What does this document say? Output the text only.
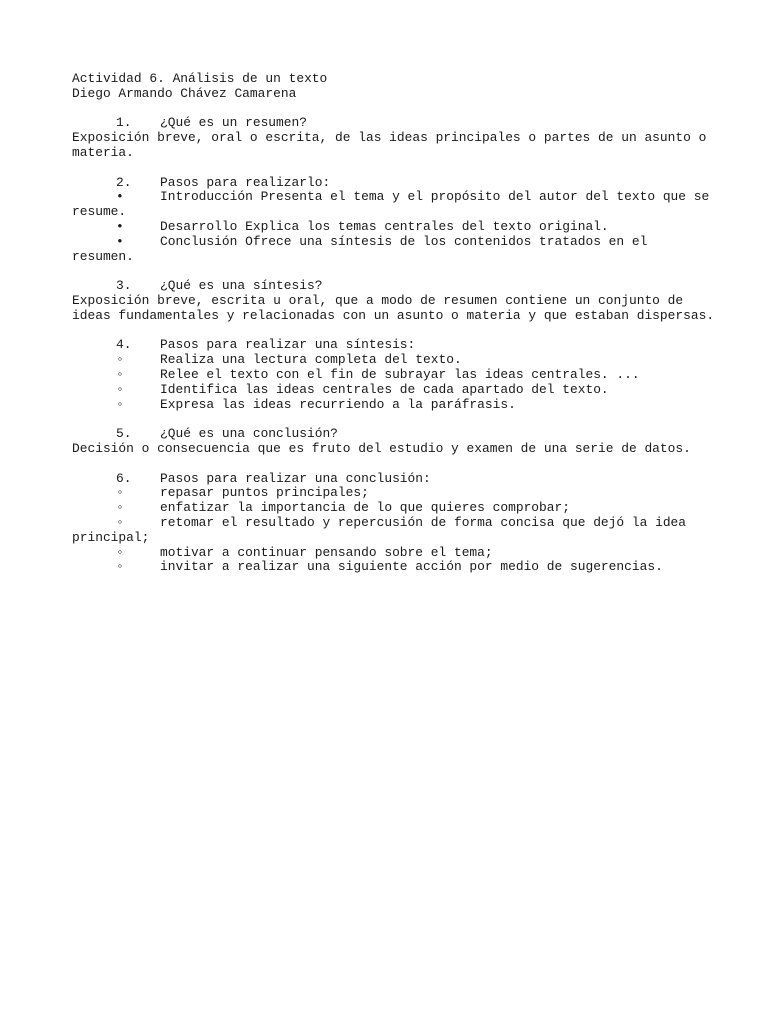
Actividad 6. Análisis de un texto
Diego Armando Chávez Camarena
1. ¿Qué es un resumen?
Exposición breve, oral o escrita, de las ideas principales o partes de un asunto o
materia.
2. Pasos para realizarlo:
•	Introducción Presenta el tema y el propósito del autor del texto que se
resume.
•	Desarrollo Explica los temas centrales del texto original.
•	Conclusión Ofrece una síntesis de los contenidos tratados en el
resumen.
3. ¿Qué es una síntesis?
Exposición breve, escrita u oral, que a modo de resumen contiene un conjunto de
ideas fundamentales y relacionadas con un asunto o materia y que estaban dispersas.
4. Pasos para realizar una síntesis:
◦	Realiza una lectura completa del texto.
◦	Relee el texto con el fin de subrayar las ideas centrales. ...
◦	Identifica las ideas centrales de cada apartado del texto.
◦	Expresa las ideas recurriendo a la paráfrasis.
5. ¿Qué es una conclusión?
Decisión o consecuencia que es fruto del estudio y examen de una serie de datos.
6. Pasos para realizar una conclusión:
◦	repasar puntos principales;
◦	enfatizar la importancia de lo que quieres comprobar;
◦	retomar el resultado y repercusión de forma concisa que dejó la idea
principal;
◦	motivar a continuar pensando sobre el tema;
◦	invitar a realizar una siguiente acción por medio de sugerencias.
